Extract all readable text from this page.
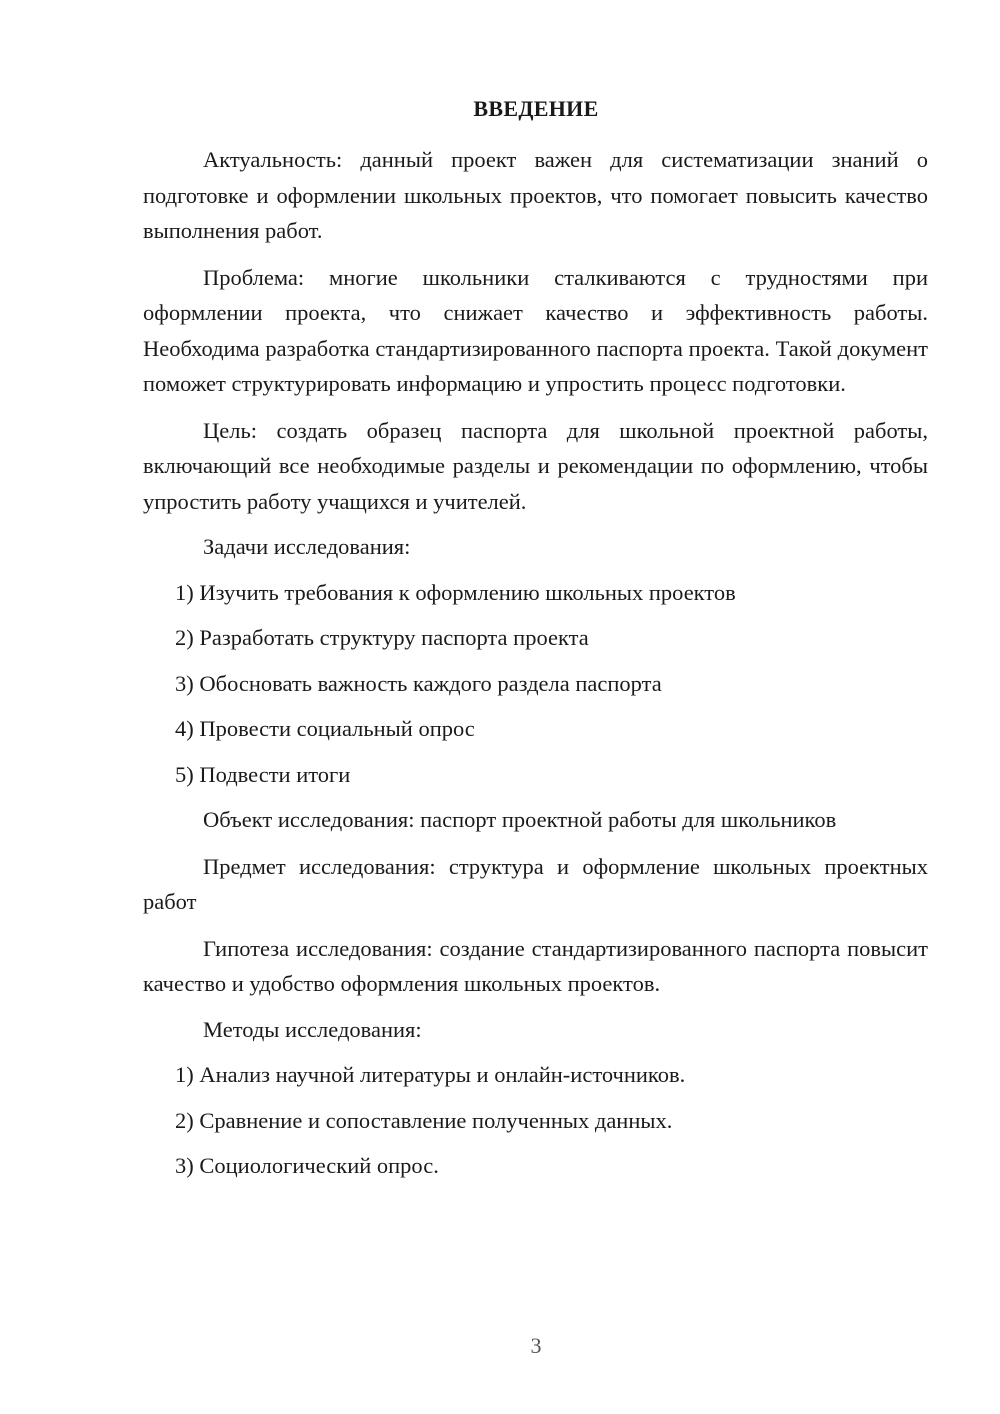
ВВЕДЕНИЕ

Актуальность: данный проект важен для систематизации знаний о подготовке и оформлении школьных проектов, что помогает повысить качество выполнения работ.

Проблема: многие школьники сталкиваются с трудностями при оформлении проекта, что снижает качество и эффективность работы. Необходима разработка стандартизированного паспорта проекта. Такой документ поможет структурировать информацию и упростить процесс подготовки.

Цель: создать образец паспорта для школьной проектной работы, включающий все необходимые разделы и рекомендации по оформлению, чтобы упростить работу учащихся и учителей.

Задачи исследования:

1) Изучить требования к оформлению школьных проектов
2) Разработать структуру паспорта проекта
3) Обосновать важность каждого раздела паспорта
4) Провести социальный опрос
5) Подвести итоги

Объект исследования: паспорт проектной работы для школьников

Предмет исследования: структура и оформление школьных проектных работ

Гипотеза исследования: создание стандартизированного паспорта повысит качество и удобство оформления школьных проектов.

Методы исследования:

1) Анализ научной литературы и онлайн-источников.
2) Сравнение и сопоставление полученных данных.
3) Социологический опрос.
3
